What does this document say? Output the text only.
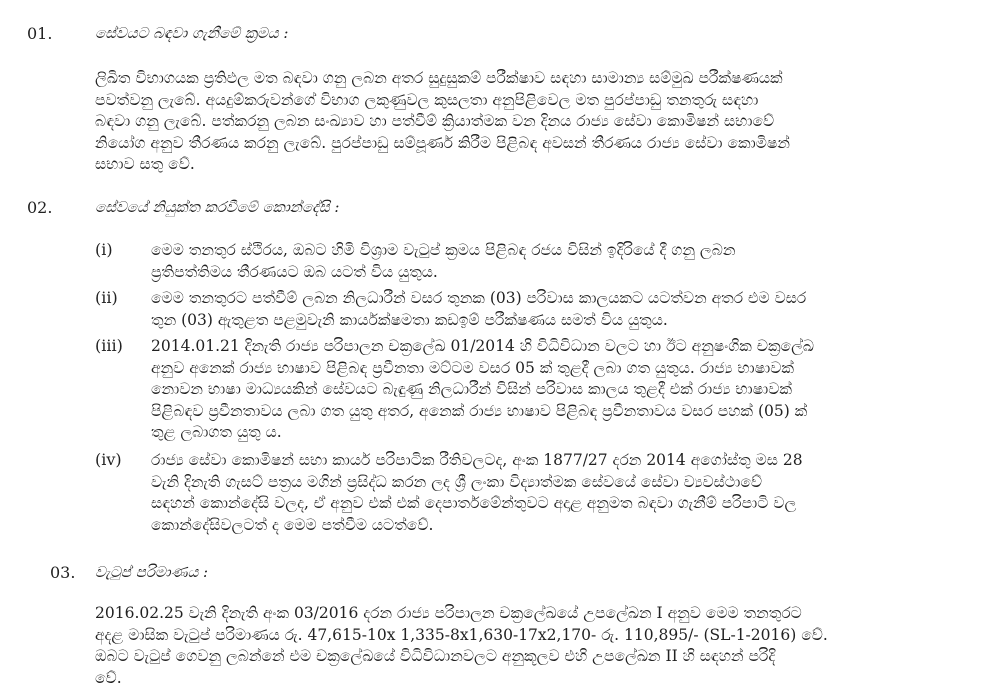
01.	සේවයට බඳවා ගැනීමේ ක්‍රමය :
ලිඛිත විභාගයක ප්‍රතිඵල මත බඳවා ගනු ලබන අතර සුදුසුකම් පරීක්ෂාව සඳහා සාමාන්‍ය සම්මුඛ පරීක්ෂණයක්
පවත්වනු ලැබේ. අයදුම්කරුවන්ගේ විභාග ලකුණුවල කුසලතා අනුපිළිවෙල මත පුරප්පාඩු තනතුරු සඳහා
බඳවා ගනු ලැබේ. පත්කරනු ලබන සංඛ්‍යාව හා පත්වීම් ක්‍රියාත්මක වන දිනය රාජ්‍ය සේවා කොමිෂන් සභාවේ
නියෝග අනුව තීරණය කරනු ලැබේ. පුරප්පාඩු සම්පූර්ණ කිරීම පිළිබඳ අවසන් තීරණය රාජ්‍ය සේවා කොමිෂන්
සභාව සතු වේ.
02.	සේවයේ නියුක්ත කරවීමේ කොන්දේසි :
(i) මෙම තනතුර ස්ථිරය, ඔබට හිමි විශ්‍රාම වැටුප් ක්‍රමය පිළිබඳ රජය විසින් ඉදිරියේ දී ගනු ලබන
ප්‍රතිපත්තිමය තීරණයට ඔබ යටත් විය යුතුය.
(ii) මෙම තනතුරට පත්වීම් ලබන නිලධාරීන් වසර තුනක (03) පරිවාස කාලයකට යටත්වන අතර එම වසර
තුන (03) ඇතුළත පළමුවැනි කාර්යක්ෂමතා කඩඉම් පරීක්ෂණය සමත් විය යුතුය.
(iii) 2014.01.21 දිනැති රාජ්‍ය පරිපාලන චක්‍රලේඛ 01/2014 හි විධිවිධාන වලට හා ඊට අනුෂංගික චක්‍රලේඛ
අනුව අනෙක් රාජ්‍ය භාෂාව පිළිබඳ ප්‍රවීනතා මට්ටම වසර 05 ක් තුළදී ලබා ගත යුතුය. රාජ්‍ය භාෂාවක්
නොවන භාෂා මාධ්‍යයකින් සේවයට බැඳුණු නිලධාරීන් විසින් පරිවාස කාලය තුළදී එක් රාජ්‍ය භාෂාවක්
පිළිබඳව ප්‍රවීනතාවය ලබා ගත යුතු අතර, අනෙක් රාජ්‍ය භාෂාව පිළිබඳ ප්‍රවීනතාවය වසර පහක් (05) ක්
තුළ ලබාගත යුතු ය.
(iv) රාජ්‍ය සේවා කොමිෂන් සභා කාර්ය පරිපාටික රීතිවලටද, අංක 1877/27 දරන 2014 අගෝස්තු මස 28
වැනි දිනැති ගැසට් පත්‍රය මගින් ප්‍රසිද්ධ කරන ලද ශ්‍රී ලංකා විද්‍යාත්මක සේවයේ සේවා ව්‍යවස්ථාවේ
සඳහන් කොන්දේසි වලද, ඒ අනුව එක් එක් දෙපාර්තමේන්තුවට අදාළ අනුමත බඳවා ගැනීම් පරිපාටි වල
කොන්දේසිවලටත් ද මෙම පත්වීම යටත්වේ.
03. වැටුප් පරිමාණය :
2016.02.25 වැනි දිනැති අංක 03/2016 දරන රාජ්‍ය පරිපාලන චක්‍රලේඛයේ උපලේඛන I අනුව මෙම තනතුරට
අදළ මාසික වැටුප් පරිමාණය රු. 47,615-10x 1,335-8x1,630-17x2,170- රු. 110,895/- (SL-1-2016) වේ.
ඔබට වැටුප් ගෙවනු ලබන්නේ එම චක්‍රලේඛයේ විධිවිධානවලට අනුකූලව එහි උපලේඛන II හි සඳහන් පරිදි
වේ.
